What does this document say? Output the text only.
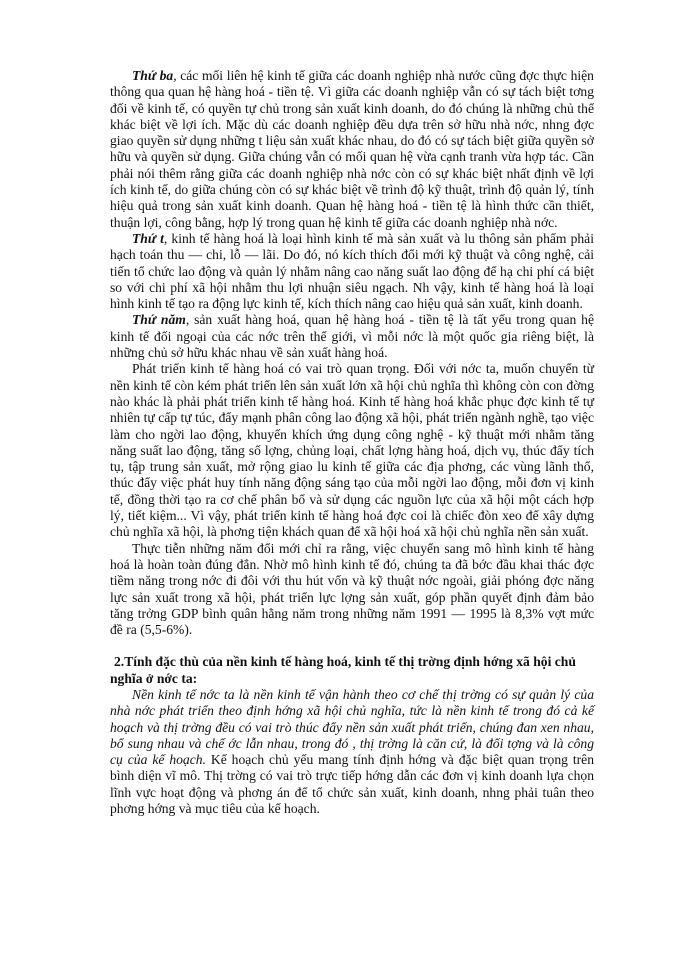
Thứ ba, các mối liên hệ kinh tế giữa các doanh nghiệp nhà nước cũng đợc thực hiện thông qua quan hệ hàng hoá - tiền tệ. Vì giữa các doanh nghiệp vẫn có sự tách biệt tơng đối về kinh tế, có quyền tự chủ trong sản xuất kinh doanh, do đó chúng là những chủ thể khác biệt về lợi ích. Mặc dù các doanh nghiệp đều dựa trên sở hữu nhà nớc, nhng đợc giao quyền sử dụng những t liệu sản xuất khác nhau, do đó có sự tách biệt giữa quyền sở hữu và quyền sử dụng. Giữa chúng vẫn có mối quan hệ vừa cạnh tranh vừa hợp tác. Cần phải nói thêm rằng giữa các doanh nghiệp nhà nớc còn có sự khác biệt nhất định về lợi ích kinh tế, do giữa chúng còn có sự khác biệt về trình độ kỹ thuật, trình độ quản lý, tính hiệu quả trong sản xuất kinh doanh. Quan hệ hàng hoá - tiền tệ là hình thức cần thiết, thuận lợi, công bằng, hợp lý trong quan hệ kinh tế giữa các doanh nghiệp nhà nớc.

Thứ t, kinh tế hàng hoá là loại hình kinh tế mà sản xuất và lu thông sản phẩm phải hạch toán thu — chi, lỗ — lãi. Do đó, nó kích thích đổi mới kỹ thuật và công nghệ, cải tiến tổ chức lao động và quản lý nhằm nâng cao năng suất lao động để hạ chi phí cá biệt so với chi phí xã hội nhằm thu lợi nhuận siêu ngạch. Nh vậy, kinh tế hàng hoá là loại hình kinh tế tạo ra động lực kinh tế, kích thích nâng cao hiệu quả sản xuất, kinh doanh.

Thứ năm, sản xuất hàng hoá, quan hệ hàng hoá - tiền tệ là tất yếu trong quan hệ kinh tế đối ngoại của các nớc trên thế giới, vì mỗi nớc là một quốc gia riêng biệt, là những chủ sở hữu khác nhau về sản xuất hàng hoá.

Phát triển kinh tế hàng hoá có vai trò quan trọng. Đối với nớc ta, muốn chuyển từ nền kinh tế còn kém phát triển lên sản xuất lớn xã hội chủ nghĩa thì không còn con đờng nào khác là phải phát triển kinh tế hàng hoá. Kinh tế hàng hoá khắc phục đợc kinh tế tự nhiên tự cấp tự túc, đẩy mạnh phân công lao động xã hội, phát triển ngành nghề, tạo việc làm cho ngời lao động, khuyến khích ứng dụng công nghệ - kỹ thuật mới nhằm tăng năng suất lao động, tăng số lợng, chủng loại, chất lợng hàng hoá, dịch vụ, thúc đẩy tích tụ, tập trung sản xuất, mở rộng giao lu kinh tế giữa các địa phơng, các vùng lãnh thổ, thúc đẩy việc phát huy tính năng động sáng tạo của mỗi ngời lao động, mỗi đơn vị kinh tế, đồng thời tạo ra cơ chế phân bổ và sử dụng các nguồn lực của xã hội một cách hợp lý, tiết kiệm... Vì vậy, phát triển kinh tế hàng hoá đợc coi là chiếc đòn xeo để xây dựng chủ nghĩa xã hội, là phơng tiện khách quan để xã hội hoá xã hội chủ nghĩa nền sản xuất.

Thực tiễn những năm đổi mới chỉ ra rằng, việc chuyển sang mô hình kinh tế hàng hoá là hoàn toàn đúng đắn. Nhờ mô hình kinh tế đó, chúng ta đã bớc đầu khai thác đợc tiềm năng trong nớc đi đôi với thu hút vốn và kỹ thuật nớc ngoài, giải phóng đợc năng lực sản xuất trong xã hội, phát triển lực lợng sản xuất, góp phần quyết định đảm bảo tăng trởng GDP bình quân hằng năm trong những năm 1991 — 1995 là 8,3% vợt mức đề ra (5,5-6%).

2.Tính đặc thù của nền kinh tế hàng hoá, kinh tế thị trờng định hớng xã hội chủ nghĩa ở nớc ta:

Nền kinh tế nớc ta là nền kinh tế vận hành theo cơ chế thị trờng có sự quản lý của nhà nớc phát triển theo định hớng xã hội chủ nghĩa, tức là nền kinh tế trong đó cả kế hoạch và thị trờng đều có vai trò thúc đẩy nền sản xuất phát triển, chúng đan xen nhau, bổ sung nhau và chế ớc lẫn nhau, trong đó , thị trờng là căn cứ, là đối tợng và là công cụ của kế hoạch. Kế hoạch chủ yếu mang tính định hớng và đặc biệt quan trọng trên bình diện vĩ mô. Thị trờng có vai trò trực tiếp hớng dẫn các đơn vị kinh doanh lựa chọn lĩnh vực hoạt động và phơng án để tổ chức sản xuất, kinh doanh, nhng phải tuân theo phơng hớng và mục tiêu của kế hoạch.
